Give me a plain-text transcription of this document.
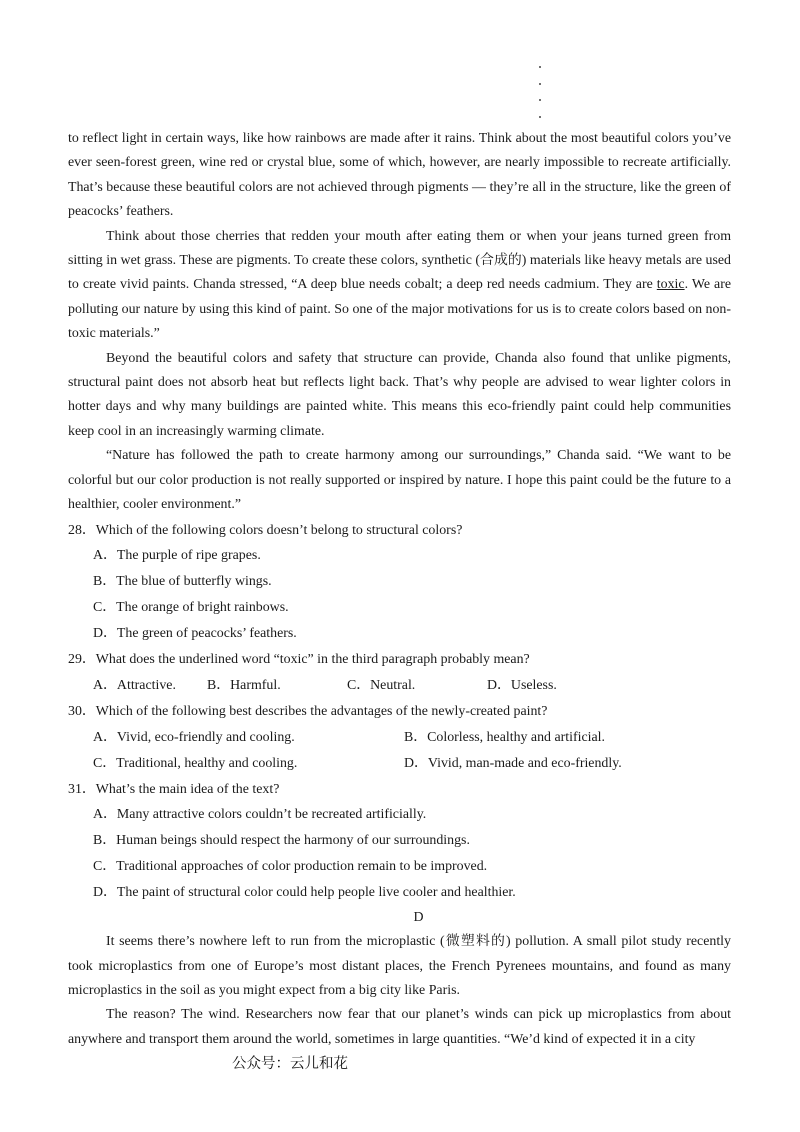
to reflect light in certain ways, like how rainbows are made after it rains. Think about the most beautiful colors you’ve ever seen-forest green, wine red or crystal blue, some of which, however, are nearly impossible to recreate artificially. That’s because these beautiful colors are not achieved through pigments — they’re all in the structure, like the green of peacocks’ feathers.

Think about those cherries that redden your mouth after eating them or when your jeans turned green from sitting in wet grass. These are pigments. To create these colors, synthetic (合成的) materials like heavy metals are used to create vivid paints. Chanda stressed, “A deep blue needs cobalt; a deep red needs cadmium. They are toxic. We are polluting our nature by using this kind of paint. So one of the major motivations for us is to create colors based on non-toxic materials.”

Beyond the beautiful colors and safety that structure can provide, Chanda also found that unlike pigments, structural paint does not absorb heat but reflects light back. That’s why people are advised to wear lighter colors in hotter days and why many buildings are painted white. This means this eco-friendly paint could help communities keep cool in an increasingly warming climate.

“Nature has followed the path to create harmony among our surroundings,” Chanda said. “We want to be colorful but our color production is not really supported or inspired by nature. I hope this paint could be the future to a healthier, cooler environment.”

28．Which of the following colors doesn’t belong to structural colors?

A．The purple of ripe grapes.

B．The blue of butterfly wings.

C．The orange of bright rainbows.

D．The green of peacocks’ feathers.

29．What does the underlined word “toxic” in the third paragraph probably mean?

A．Attractive.	B．Harmful.	C．Neutral.	D．Useless.

30．Which of the following best describes the advantages of the newly-created paint?

A．Vivid, eco-friendly and cooling.	B．Colorless, healthy and artificial.
C．Traditional, healthy and cooling.	D．Vivid, man-made and eco-friendly.

31．What’s the main idea of the text?

A．Many attractive colors couldn’t be recreated artificially.

B．Human beings should respect the harmony of our surroundings.

C．Traditional approaches of color production remain to be improved.

D．The paint of structural color could help people live cooler and healthier.

D

It seems there’s nowhere left to run from the microplastic (微塑料的) pollution. A small pilot study recently took microplastics from one of Europe’s most distant places, the French Pyrenees mountains, and found as many microplastics in the soil as you might expect from a big city like Paris.

The reason? The wind. Researchers now fear that our planet’s winds can pick up microplastics from about anywhere and transport them around the world, sometimes in large quantities. “We’d kind of expected it in a city

公众号：云儿和花
